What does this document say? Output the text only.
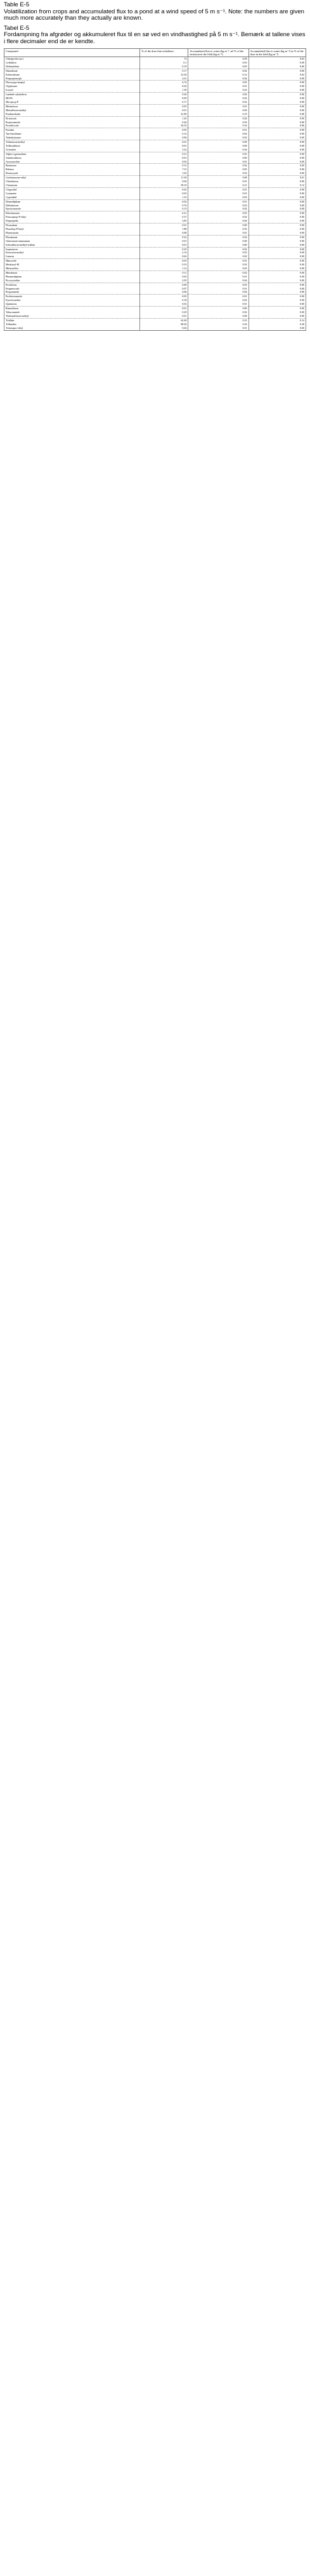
Table E-5

Volatilization from crops and accumulated flux to a pond at a wind speed of 5 m s⁻¹. Note: the numbers are given much more accurately than they actually are known.

Tabel E-5

Fordampning fra afgrøder og akkumuleret flux til en sø ved en vindhastighed på 5 m s⁻¹. Bemærk at tallene vises i flere decimaler end de er kendte.

Compound	% of the dose that volatilizes	Accumulated flux to water (kg m⁻², m² % of the emission in the field (kg m⁻²)	Accumulated flux to water (kg m⁻²) as % of the dose in the field (kg m⁻²)
Chlorpyrifos (ac)	74	0.09	0.03
Cyfluthrin	0.1	0.03	0.00
Deltamethrin	0.19	0.05	0.00
Dimethoate	0.17	0.02	0.00
Esfenvalerate	23.30	0.12	0.02
Fenpropimorph	2.61	0.04	0.00
Fluroxypyr-meptyl	6.74	0.05	0.00
Glyphosate	0.04	0.01	0.00
Ioxynil	1.39	0.03	0.00
Lambda-cyhalothrin	0.26	0.04	0.00
MCPA	0.09	0.02	0.00
Mecoprop-P	0.17	0.02	0.00
Metamitron	0.05	0.01	0.00
Metsulfuron-methyl	0.01	0.00	0.00
Pendimethalin	41.80	0.19	0.08
Pirimicarb	1.45	0.04	0.00
Propiconazole	0.44	0.03	0.00
Prosulfocarb	36.10	0.16	0.06
Pyridate	0.05	0.01	0.00
Tau-fluvalinate	0.12	0.02	0.00
Terbuthylazine	0.96	0.02	0.00
Tribenuron-methyl	0.01	0.00	0.00
Triflusulfuron	0.01	0.00	0.00
Aclonifen	3.22	0.04	0.00
Alpha-cypermethrin	0.31	0.03	0.00
Amidosulfuron	0.01	0.00	0.00
Azoxystrobin	0.02	0.01	0.00
Bentazone	0.15	0.02	0.00
Bifenox	7.51	0.05	0.00
Bromoxynil	1.02	0.02	0.00
Carfentrazone-ethyl	11.30	0.08	0.01
Chloridazon	0.04	0.01	0.00
Clomazone	58.10	0.21	0.12
Clopyralid	0.02	0.01	0.00
Cyanazine	0.03	0.01	0.00
Cyprodinil	1.33	0.03	0.00
Desmedipham	0.02	0.01	0.00
Diflufenican	0.76	0.03	0.00
Epoxiconazole	0.13	0.02	0.00
Ethofumesate	6.21	0.05	0.00
Fenoxaprop-P-ethyl	0.27	0.02	0.00
Fenpropidin	3.85	0.04	0.00
Florasulam	0.01	0.00	0.00
Fluazifop-P-butyl	1.88	0.03	0.00
Flumioxazin	0.08	0.01	0.00
Flurtamone	0.22	0.02	0.00
Glufosinate-ammonium	0.01	0.00	0.00
Iodosulfuron-methyl-sodium	0.01	0.00	0.00
Isoproturon	0.25	0.02	0.00
Kresoxim-methyl	2.14	0.03	0.00
Linuron	0.62	0.02	0.00
Mancozeb	0.03	0.01	0.00
Metalaxyl-M	0.33	0.02	0.00
Metazachlor	1.12	0.03	0.00
Metribuzin	0.11	0.02	0.00
Phenmedipham	0.02	0.01	0.00
Picoxystrobin	2.95	0.04	0.00
Prochloraz	0.49	0.03	0.00
Propamocarb	0.07	0.01	0.00
Propyzamide	4.66	0.04	0.00
Prothioconazole	0.05	0.01	0.00
Pyraclostrobin	0.18	0.02	0.00
Quinmerac	0.02	0.01	0.00
Rimsulfuron	0.01	0.00	0.00
Tebuconazole	0.29	0.02	0.00
Thifensulfuron-methyl	0.01	0.00	0.00
Triallate	62.40	0.23	0.14
Trifluralin	88.20	0.34	0.30
Trinexapac-ethyl	0.04	0.01	0.00
